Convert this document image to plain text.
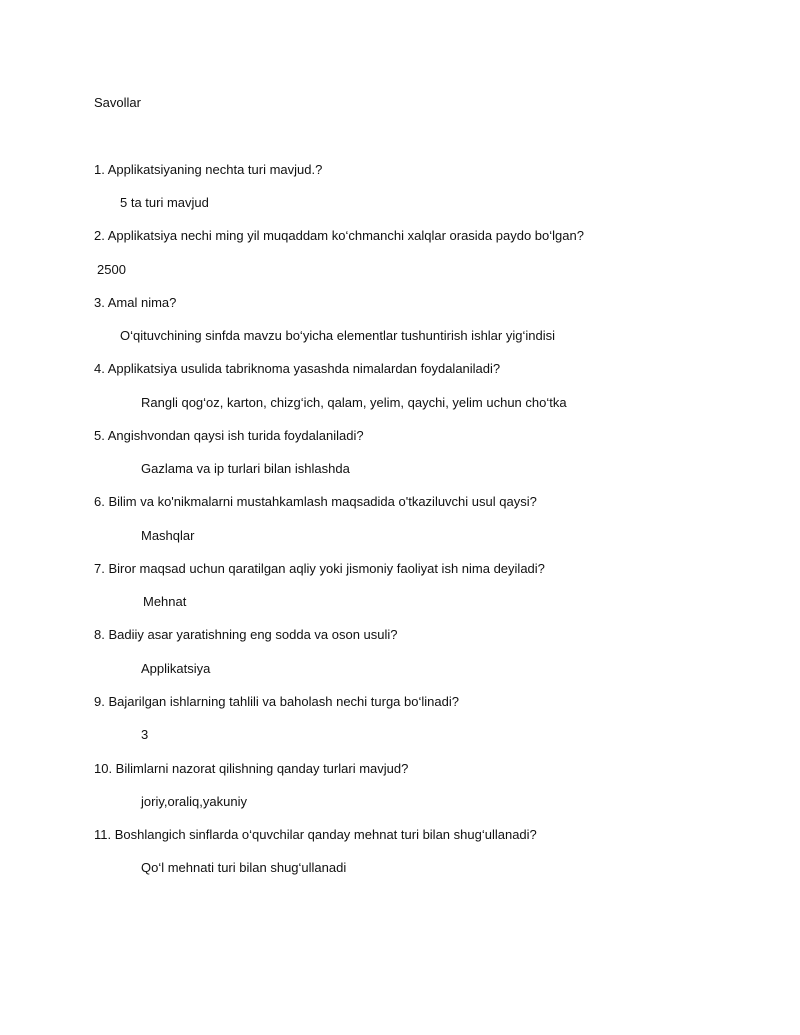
Savollar
1. Applikatsiyaning nechta turi mavjud.?
5 ta turi mavjud
2. Applikatsiya nechi ming yil muqaddam ko‘chmanchi xalqlar orasida paydo bo‘lgan?
2500
3. Amal nima?
O‘qituvchining sinfda mavzu bo‘yicha elementlar tushuntirish ishlar yig‘indisi
4. Applikatsiya usulida tabriknoma yasashda nimalardan foydalaniladi?
Rangli qog‘oz, karton, chizg‘ich, qalam, yelim, qaychi, yelim uchun cho‘tka
5. Angishvondan qaysi ish turida foydalaniladi?
Gazlama va ip turlari bilan ishlashda
6. Bilim va ko'nikmalarni mustahkamlash maqsadida o'tkaziluvchi usul qaysi?
Mashqlar
7. Biror maqsad uchun qaratilgan aqliy yoki jismoniy faoliyat ish nima deyiladi?
Mehnat
8. Badiiy asar yaratishning eng sodda va oson usuli?
Applikatsiya
9. Bajarilgan ishlarning tahlili va baholash nechi turga bo‘linadi?
3
10. Bilimlarni nazorat qilishning qanday turlari mavjud?
joriy,oraliq,yakuniy
11. Boshlangich sinflarda o‘quvchilar qanday mehnat turi bilan shug‘ullanadi?
Qo‘l mehnati turi bilan shug‘ullanadi
